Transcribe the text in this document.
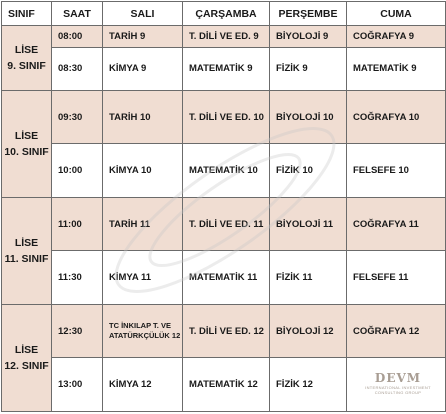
SINIF	SAAT	SALI	ÇARŞAMBA	PERŞEMBE	CUMA

LİSE
9. SINIF	08:00	TARİH 9	T. DİLİ VE ED. 9	BİYOLOJİ 9	COĞRAFYA 9
	08:30	KİMYA 9	MATEMATİK 9	FİZİK 9	MATEMATİK 9

LİSE
10. SINIF	09:30	TARİH 10	T. DİLİ VE ED. 10	BİYOLOJİ 10	COĞRAFYA 10
	10:00	KİMYA 10	MATEMATİK 10	FİZİK 10	FELSEFE 10

LİSE
11. SINIF	11:00	TARİH 11	T. DİLİ VE ED. 11	BİYOLOJİ 11	COĞRAFYA 11
	11:30	KİMYA 11	MATEMATİK 11	FİZİK 11	FELSEFE 11

LİSE
12. SINIF	12:30	TC İNKILAP T. VE ATATÜRKÇÜLÜK 12	T. DİLİ VE ED. 12	BİYOLOJİ 12	COĞRAFYA 12
	13:00	KİMYA 12	MATEMATİK 12	FİZİK 12		DEVM
INTERNATIONAL INVESTMENT
CONSULTING GROUP
